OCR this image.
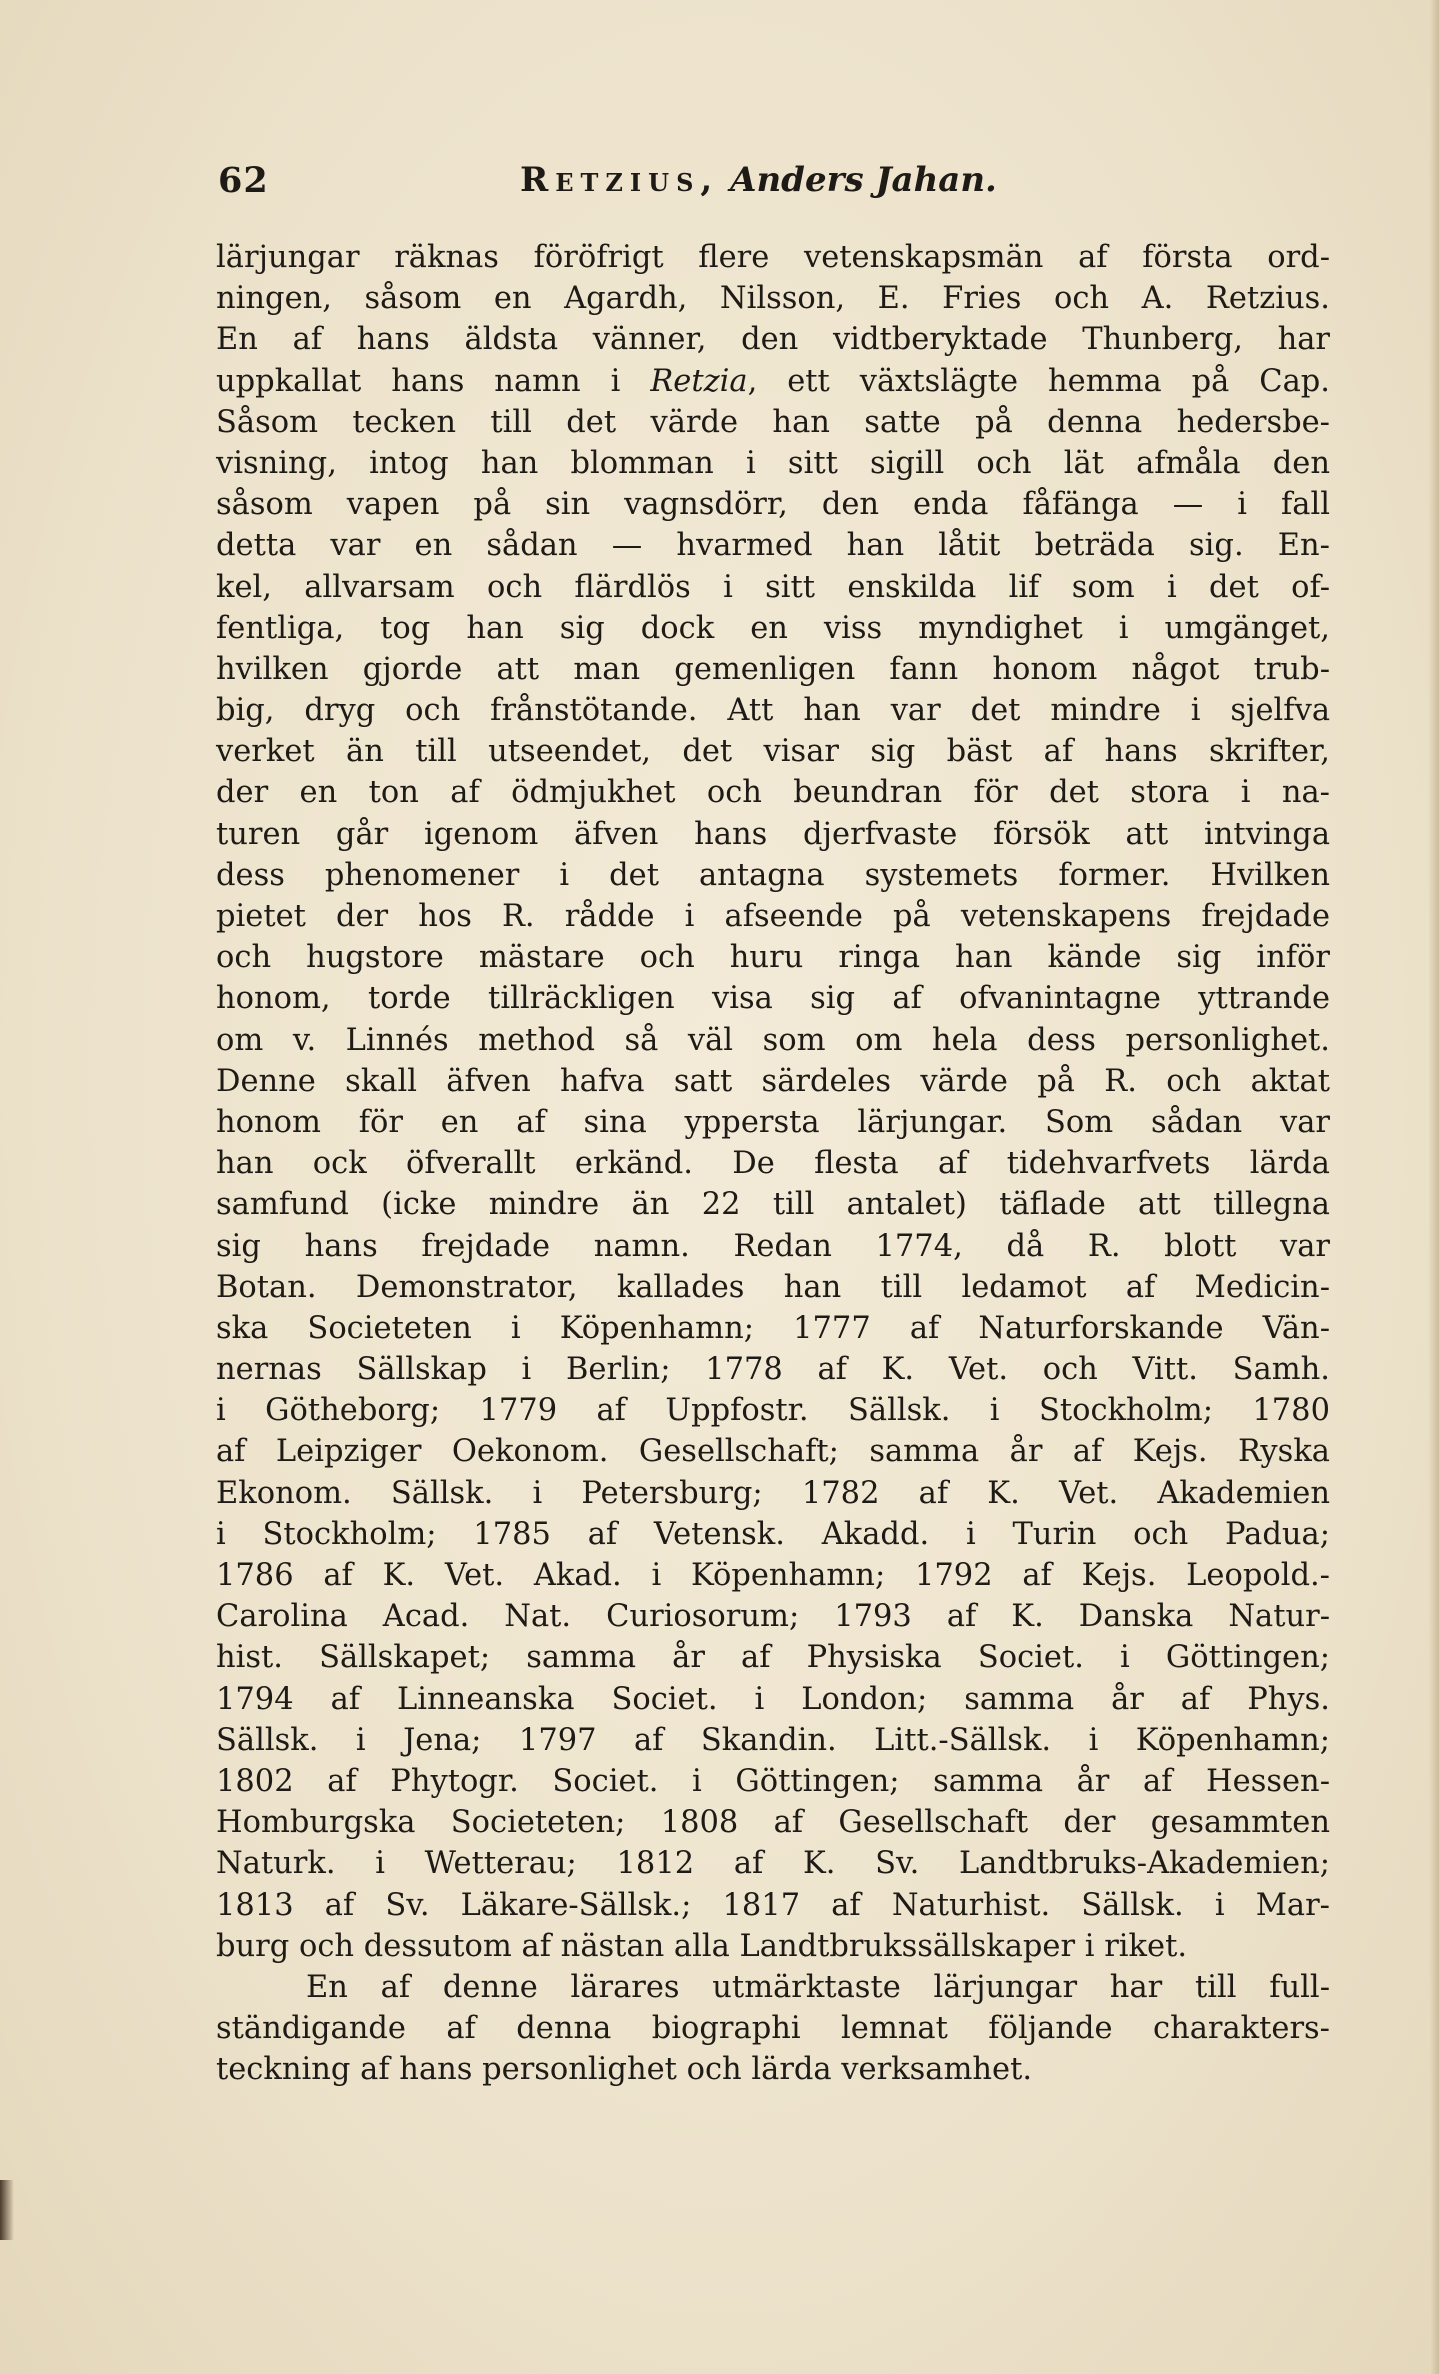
62	Retzius, Anders Jahan.
lärjungar räknas föröfrigt flere vetenskapsmän af första ord-
ningen, såsom en Agardh, Nilsson, E. Fries och A. Retzius.
En af hans äldsta vänner, den vidtberyktade Thunberg, har
uppkallat hans namn i Retzia, ett växtslägte hemma på Cap.
Såsom tecken till det värde han satte på denna hedersbe-
visning, intog han blomman i sitt sigill och lät afmåla den
såsom vapen på sin vagnsdörr, den enda fåfänga — i fall
detta var en sådan — hvarmed han låtit beträda sig. En-
kel, allvarsam och flärdlös i sitt enskilda lif som i det of-
fentliga, tog han sig dock en viss myndighet i umgänget,
hvilken gjorde att man gemenligen fann honom något trub-
big, dryg och frånstötande. Att han var det mindre i sjelfva
verket än till utseendet, det visar sig bäst af hans skrifter,
der en ton af ödmjukhet och beundran för det stora i na-
turen går igenom äfven hans djerfvaste försök att intvinga
dess phenomener i det antagna systemets former. Hvilken
pietet der hos R. rådde i afseende på vetenskapens frejdade
och hugstore mästare och huru ringa han kände sig inför
honom, torde tillräckligen visa sig af ofvanintagne yttrande
om v. Linnés method så väl som om hela dess personlighet.
Denne skall äfven hafva satt särdeles värde på R. och aktat
honom för en af sina yppersta lärjungar. Som sådan var
han ock öfverallt erkänd. De flesta af tidehvarfvets lärda
samfund (icke mindre än 22 till antalet) täflade att tillegna
sig hans frejdade namn. Redan 1774, då R. blott var
Botan. Demonstrator, kallades han till ledamot af Medicin-
ska Societeten i Köpenhamn; 1777 af Naturforskande Vän-
nernas Sällskap i Berlin; 1778 af K. Vet. och Vitt. Samh.
i Götheborg; 1779 af Uppfostr. Sällsk. i Stockholm; 1780
af Leipziger Oekonom. Gesellschaft; samma år af Kejs. Ryska
Ekonom. Sällsk. i Petersburg; 1782 af K. Vet. Akademien
i Stockholm; 1785 af Vetensk. Akadd. i Turin och Padua;
1786 af K. Vet. Akad. i Köpenhamn; 1792 af Kejs. Leopold.-
Carolina Acad. Nat. Curiosorum; 1793 af K. Danska Natur-
hist. Sällskapet; samma år af Physiska Societ. i Göttingen;
1794 af Linneanska Societ. i London; samma år af Phys.
Sällsk. i Jena; 1797 af Skandin. Litt.-Sällsk. i Köpenhamn;
1802 af Phytogr. Societ. i Göttingen; samma år af Hessen-
Homburgska Societeten; 1808 af Gesellschaft der gesammten
Naturk. i Wetterau; 1812 af K. Sv. Landtbruks-Akademien;
1813 af Sv. Läkare-Sällsk.; 1817 af Naturhist. Sällsk. i Mar-
burg och dessutom af nästan alla Landtbrukssällskaper i riket.
En af denne lärares utmärktaste lärjungar har till full-
ständigande af denna biographi lemnat följande charakters-
teckning af hans personlighet och lärda verksamhet.
